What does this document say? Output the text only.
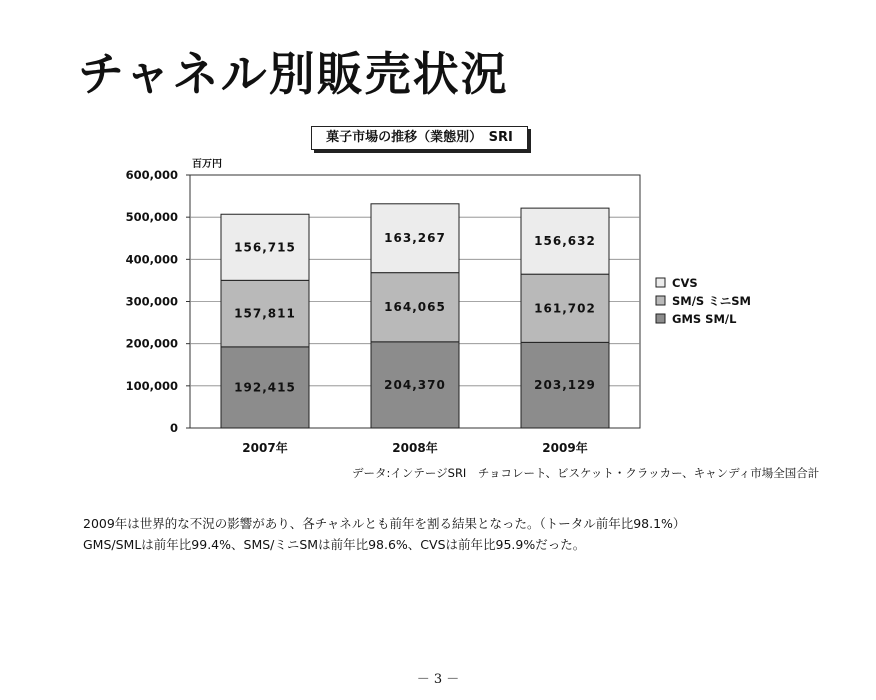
チャネル別販売状況
菓子市場の推移（業態別）　SRI
0
100,000
200,000
300,000
400,000
500,000
600,000
百万円
192,415
157,811
156,715
2007年
204,370
164,065
163,267
2008年
203,129
161,702
156,632
2009年
CVS
SM/S ミニSM
GMS SM/L
データ:インテージSRI　チョコレート、ビスケット・クラッカー、キャンディ市場全国合計
2009年は世界的な不況の影響があり、各チャネルとも前年を割る結果となった。（トータル前年比98.1%）
GMS/SMLは前年比99.4%、SMS/ミニSMは前年比98.6%、CVSは前年比95.9%だった。
－ 3 －
